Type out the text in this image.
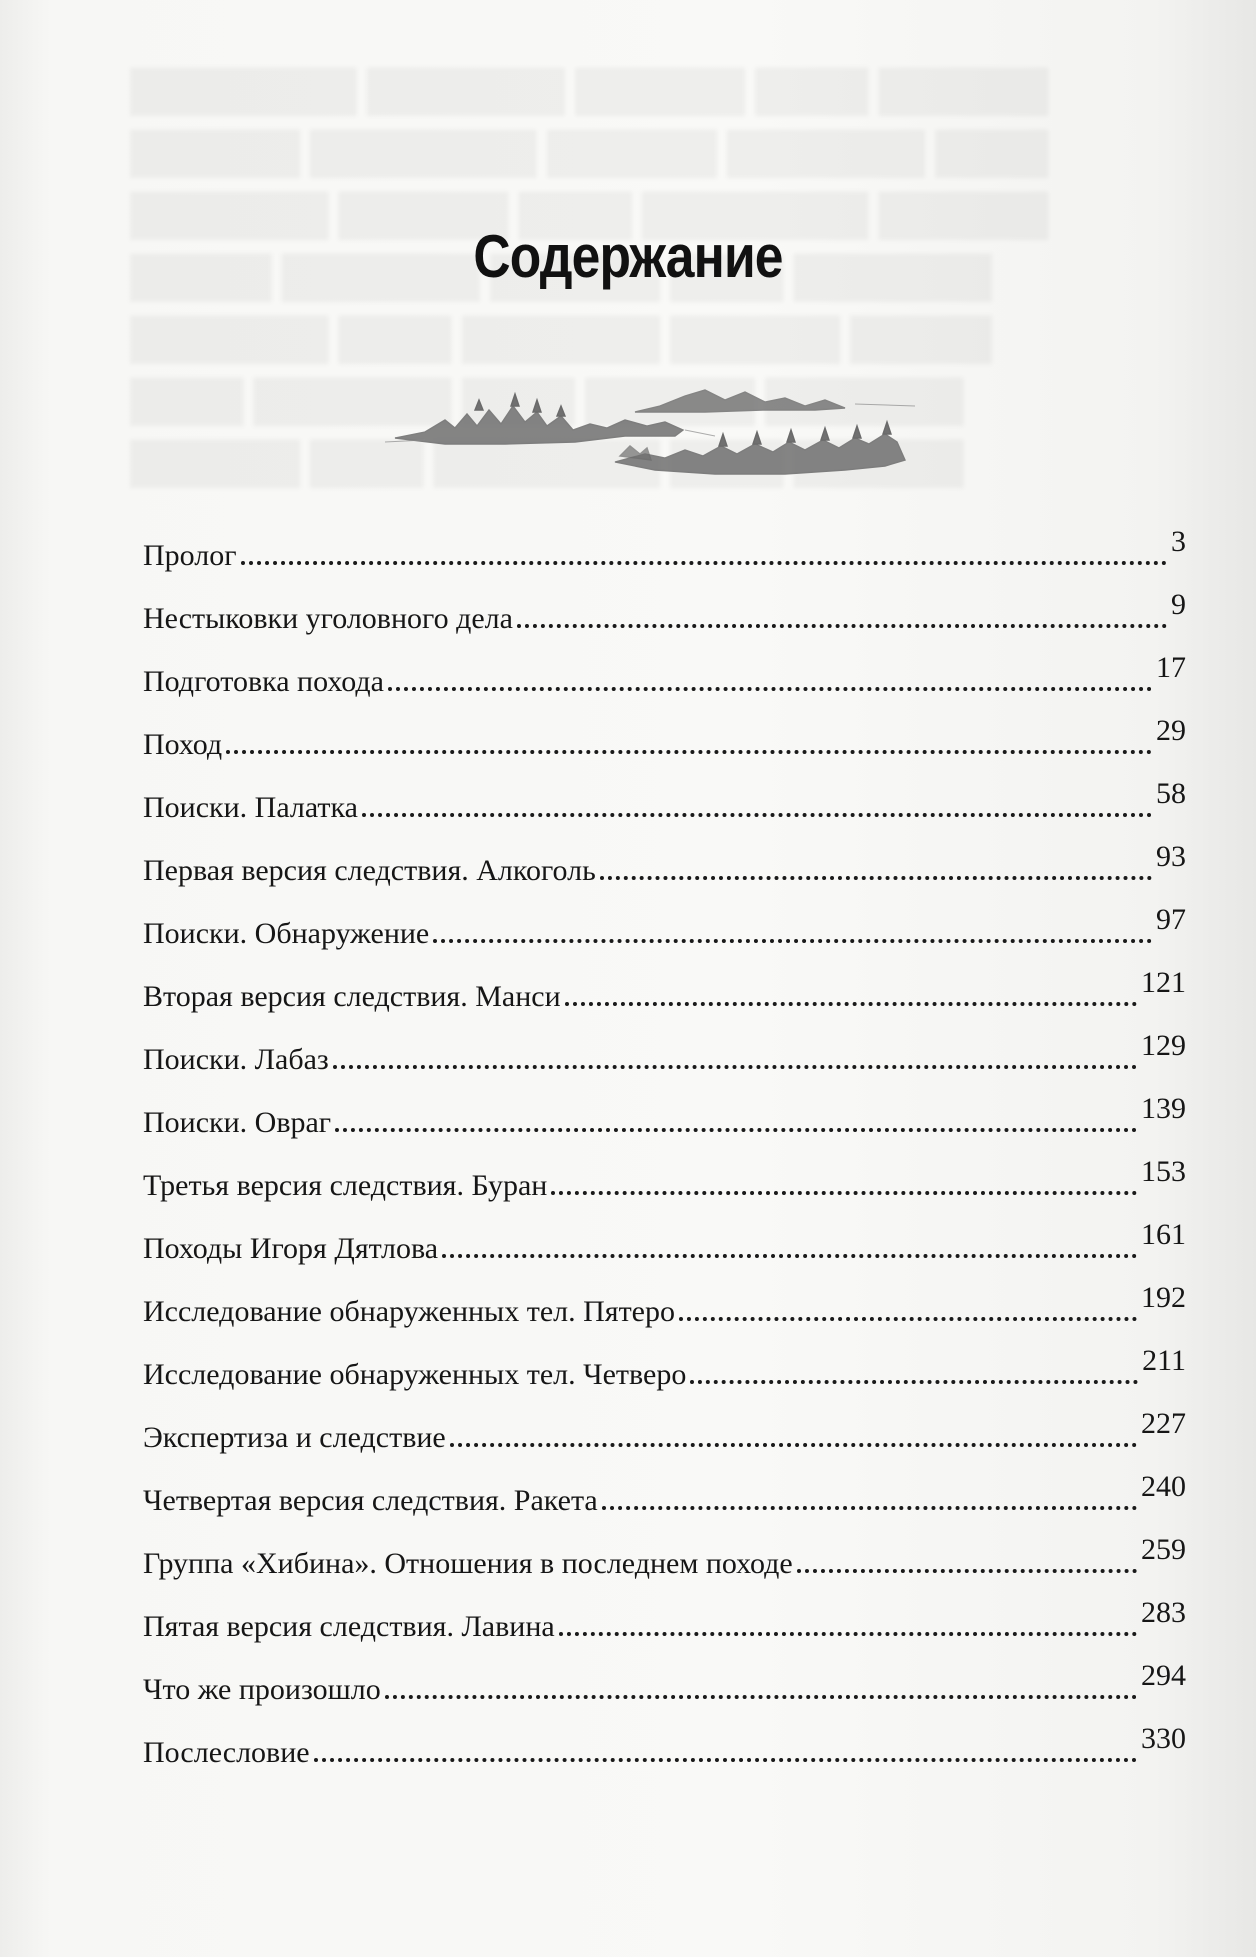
Содержание
Пролог	3
Нестыковки уголовного дела	9
Подготовка похода	17
Поход	29
Поиски. Палатка	58
Первая версия следствия. Алкоголь	93
Поиски. Обнаружение	97
Вторая версия следствия. Манси	121
Поиски. Лабаз	129
Поиски. Овраг	139
Третья версия следствия. Буран	153
Походы Игоря Дятлова	161
Исследование обнаруженных тел. Пятеро	192
Исследование обнаруженных тел. Четверо	211
Экспертиза и следствие	227
Четвертая версия следствия. Ракета	240
Группа «Хибина». Отношения в последнем походе	259
Пятая версия следствия. Лавина	283
Что же произошло	294
Послесловие	330
